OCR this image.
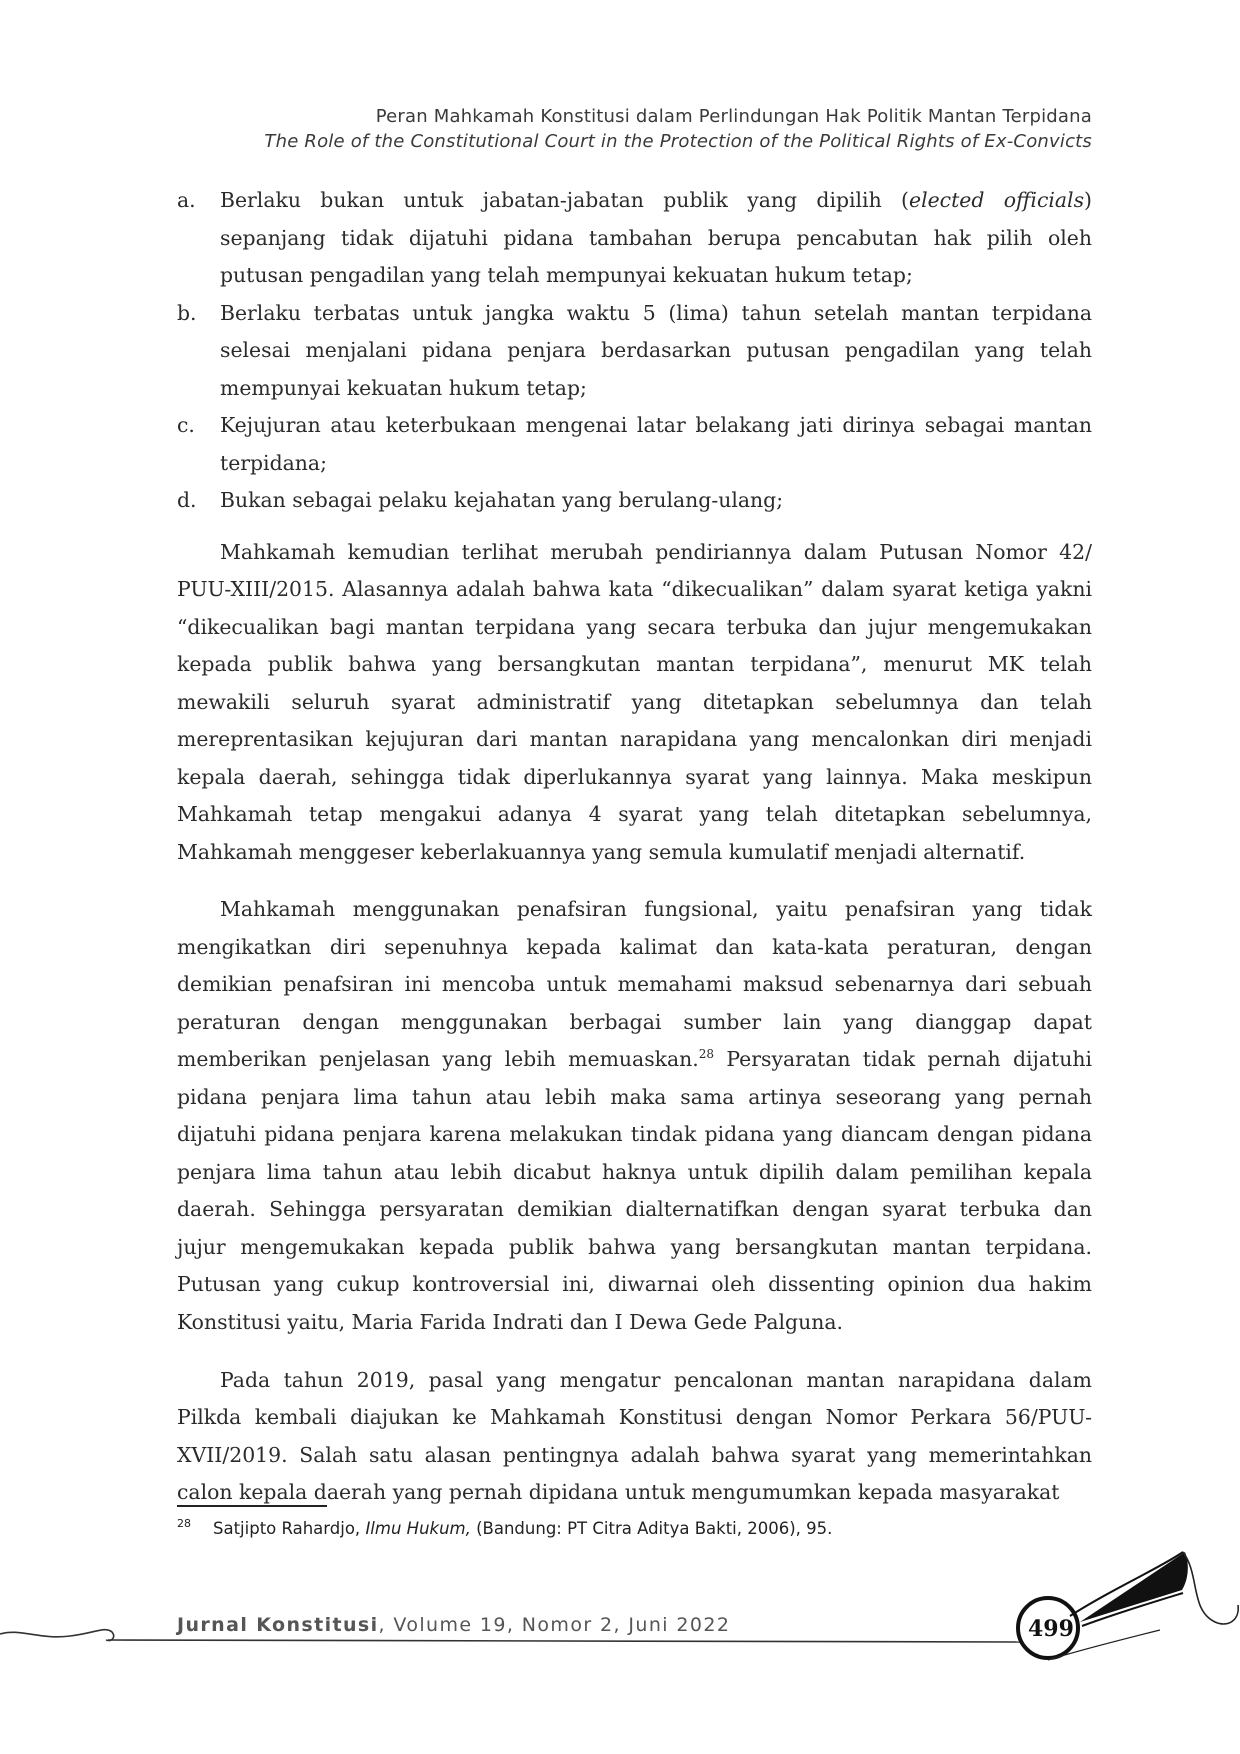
Peran Mahkamah Konstitusi dalam Perlindungan Hak Politik Mantan Terpidana
The Role of the Constitutional Court in the Protection of the Political Rights of Ex-Convicts
a.	Berlaku bukan untuk jabatan-jabatan publik yang dipilih (elected officials) sepanjang tidak dijatuhi pidana tambahan berupa pencabutan hak pilih oleh putusan pengadilan yang telah mempunyai kekuatan hukum tetap;
b.	Berlaku terbatas untuk jangka waktu 5 (lima) tahun setelah mantan terpidana selesai menjalani pidana penjara berdasarkan putusan pengadilan yang telah mempunyai kekuatan hukum tetap;
c.	Kejujuran atau keterbukaan mengenai latar belakang jati dirinya sebagai mantan terpidana;
d.	Bukan sebagai pelaku kejahatan yang berulang-ulang;

Mahkamah kemudian terlihat merubah pendiriannya dalam Putusan Nomor 42/ PUU-XIII/2015. Alasannya adalah bahwa kata “dikecualikan” dalam syarat ketiga yakni “dikecualikan bagi mantan terpidana yang secara terbuka dan jujur mengemukakan kepada publik bahwa yang bersangkutan mantan terpidana”, menurut MK telah mewakili seluruh syarat administratif yang ditetapkan sebelumnya dan telah mereprentasikan kejujuran dari mantan narapidana yang mencalonkan diri menjadi kepala daerah, sehingga tidak diperlukannya syarat yang lainnya. Maka meskipun Mahkamah tetap mengakui adanya 4 syarat yang telah ditetapkan sebelumnya, Mahkamah menggeser keberlakuannya yang semula kumulatif menjadi alternatif.

Mahkamah menggunakan penafsiran fungsional, yaitu penafsiran yang tidak mengikatkan diri sepenuhnya kepada kalimat dan kata-kata peraturan, dengan demikian penafsiran ini mencoba untuk memahami maksud sebenarnya dari sebuah peraturan dengan menggunakan berbagai sumber lain yang dianggap dapat memberikan penjelasan yang lebih memuaskan.$^{28}$ Persyaratan tidak pernah dijatuhi pidana penjara lima tahun atau lebih maka sama artinya seseorang yang pernah dijatuhi pidana penjara karena melakukan tindak pidana yang diancam dengan pidana penjara lima tahun atau lebih dicabut haknya untuk dipilih dalam pemilihan kepala daerah. Sehingga persyaratan demikian dialternatifkan dengan syarat terbuka dan jujur mengemukakan kepada publik bahwa yang bersangkutan mantan terpidana. Putusan yang cukup kontroversial ini, diwarnai oleh dissenting opinion dua hakim Konstitusi yaitu, Maria Farida Indrati dan I Dewa Gede Palguna.

Pada tahun 2019, pasal yang mengatur pencalonan mantan narapidana dalam Pilkda kembali diajukan ke Mahkamah Konstitusi dengan Nomor Perkara 56/PUU-XVII/2019. Salah satu alasan pentingnya adalah bahwa syarat yang memerintahkan calon kepala daerah yang pernah dipidana untuk mengumumkan kepada masyarakat

$^{28}$ Satjipto Rahardjo, Ilmu Hukum, (Bandung: PT Citra Aditya Bakti, 2006), 95.
Jurnal Konstitusi, Volume 19, Nomor 2, Juni 2022	499
